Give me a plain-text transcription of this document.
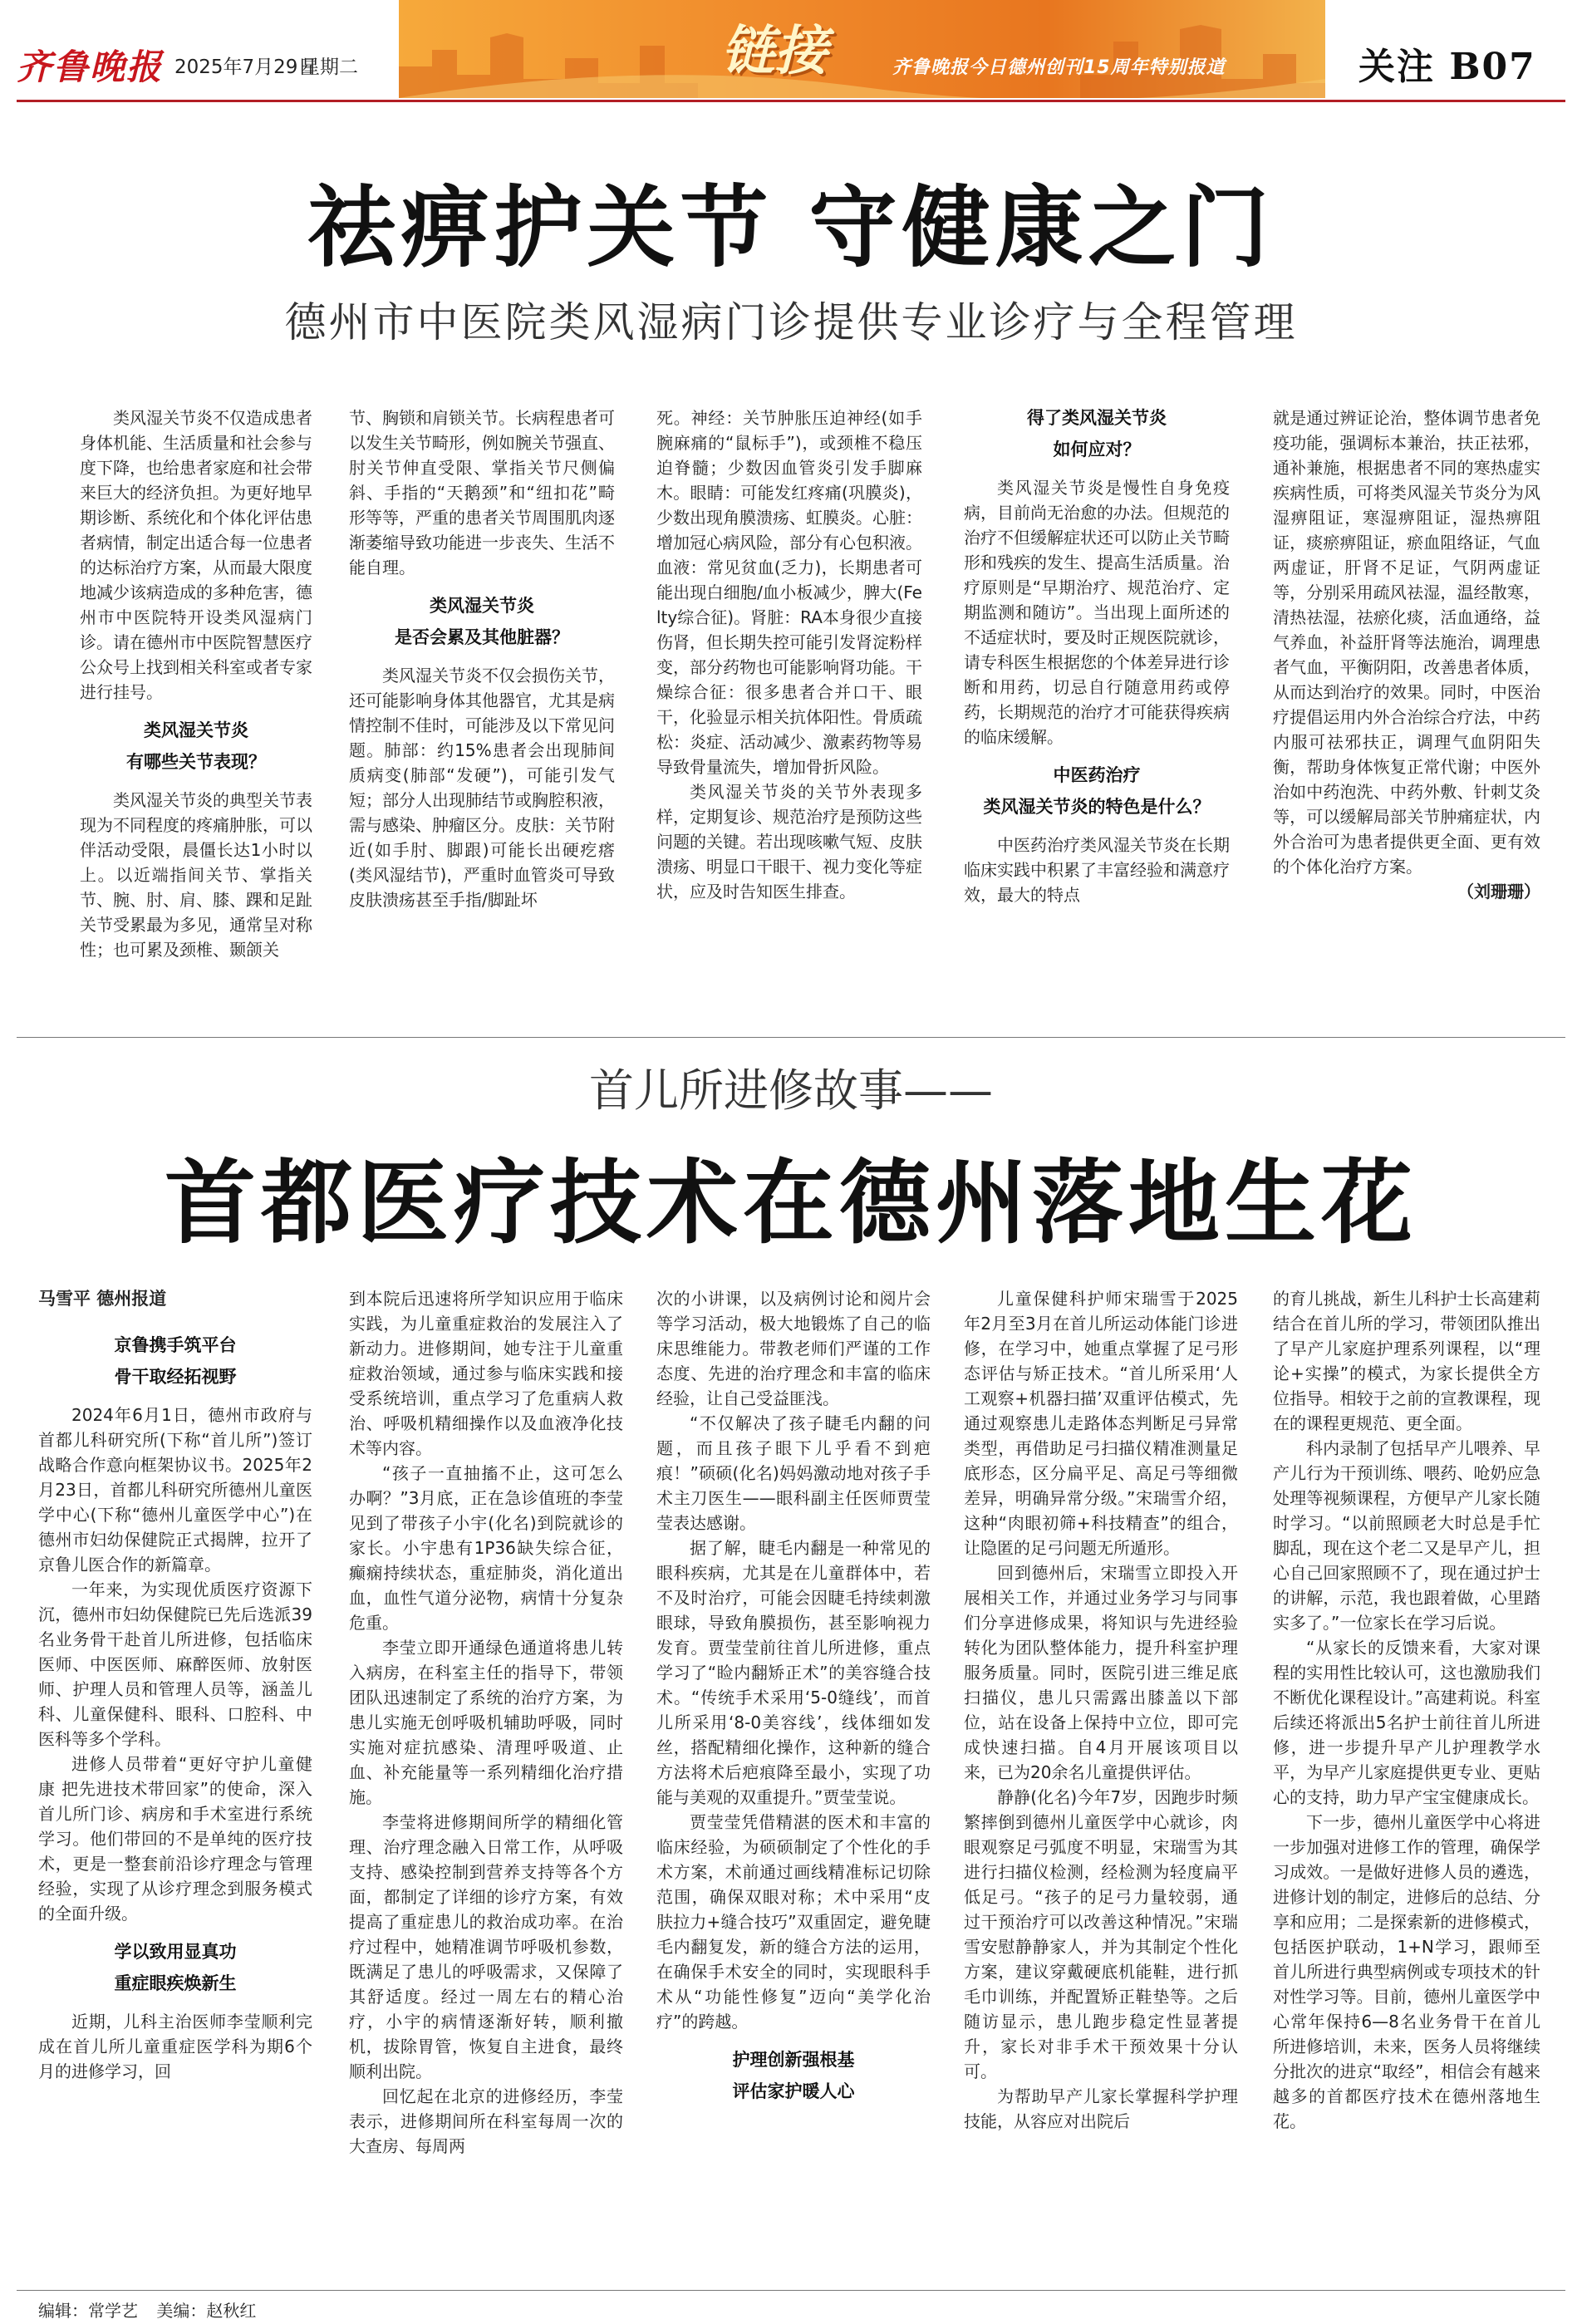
齐鲁晚报 2025年7月29日
星期二	链接	齐鲁晚报今日德州创刊15周年特别报道	关注 B07
祛痹护关节 守健康之门
德州市中医院类风湿病门诊提供专业诊疗与全程管理

类风湿关节炎不仅造成患者身体机能、生活质量和社会参与度下降，也给患者家庭和社会带来巨大的经济负担。为更好地早期诊断、系统化和个体化评估患者病情，制定出适合每一位患者的达标治疗方案，从而最大限度地减少该病造成的多种危害，德州市中医院特开设类风湿病门诊。请在德州市中医院智慧医疗公众号上找到相关科室或者专家进行挂号。

类风湿关节炎
有哪些关节表现？

类风湿关节炎的典型关节表现为不同程度的疼痛肿胀，可以伴活动受限，晨僵长达1小时以上。以近端指间关节、掌指关节、腕、肘、肩、膝、踝和足趾关节受累最为多见，通常呈对称性；也可累及颈椎、颞颌关

节、胸锁和肩锁关节。长病程患者可以发生关节畸形，例如腕关节强直、肘关节伸直受限、掌指关节尺侧偏斜、手指的“天鹅颈”和“纽扣花”畸形等等，严重的患者关节周围肌肉逐渐萎缩导致功能进一步丧失、生活不能自理。

类风湿关节炎
是否会累及其他脏器？

类风湿关节炎不仅会损伤关节，还可能影响身体其他器官，尤其是病情控制不佳时，可能涉及以下常见问题。肺部：约15%患者会出现肺间质病变(肺部“发硬”)，可能引发气短；部分人出现肺结节或胸腔积液，需与感染、肿瘤区分。皮肤：关节附近(如手肘、脚跟)可能长出硬疙瘩(类风湿结节)，严重时血管炎可导致皮肤溃疡甚至手指/脚趾坏

死。神经：关节肿胀压迫神经(如手腕麻痛的“鼠标手”)，或颈椎不稳压迫脊髓；少数因血管炎引发手脚麻木。眼睛：可能发红疼痛(巩膜炎)，少数出现角膜溃疡、虹膜炎。心脏：增加冠心病风险，部分有心包积液。血液：常见贫血(乏力)，长期患者可能出现白细胞/血小板减少，脾大(Felty综合征)。肾脏：RA本身很少直接伤肾，但长期失控可能引发肾淀粉样变，部分药物也可能影响肾功能。干燥综合征：很多患者合并口干、眼干，化验显示相关抗体阳性。骨质疏松：炎症、活动减少、激素药物等易导致骨量流失，增加骨折风险。

类风湿关节炎的关节外表现多样，定期复诊、规范治疗是预防这些问题的关键。若出现咳嗽气短、皮肤溃疡、明显口干眼干、视力变化等症状，应及时告知医生排查。

得了类风湿关节炎
如何应对？

类风湿关节炎是慢性自身免疫病，目前尚无治愈的办法。但规范的治疗不但缓解症状还可以防止关节畸形和残疾的发生、提高生活质量。治疗原则是“早期治疗、规范治疗、定期监测和随访”。当出现上面所述的不适症状时，要及时正规医院就诊，请专科医生根据您的个体差异进行诊断和用药，切忌自行随意用药或停药，长期规范的治疗才可能获得疾病的临床缓解。

中医药治疗
类风湿关节炎的特色是什么？

中医药治疗类风湿关节炎在长期临床实践中积累了丰富经验和满意疗效，最大的特点

就是通过辨证论治，整体调节患者免疫功能，强调标本兼治，扶正祛邪，通补兼施，根据患者不同的寒热虚实疾病性质，可将类风湿关节炎分为风湿痹阻证，寒湿痹阻证，湿热痹阻证，痰瘀痹阻证，瘀血阻络证，气血两虚证，肝肾不足证，气阴两虚证等，分别采用疏风祛湿，温经散寒，清热祛湿，祛瘀化痰，活血通络，益气养血，补益肝肾等法施治，调理患者气血，平衡阴阳，改善患者体质，从而达到治疗的效果。同时，中医治疗提倡运用内外合治综合疗法，中药内服可祛邪扶正，调理气血阴阳失衡，帮助身体恢复正常代谢；中医外治如中药泡洗、中药外敷、针刺艾灸等，可以缓解局部关节肿痛症状，内外合治可为患者提供更全面、更有效的个体化治疗方案。

（刘珊珊）

首儿所进修故事——
首都医疗技术在德州落地生花

马雪平 德州报道

京鲁携手筑平台
骨干取经拓视野

2024年6月1日，德州市政府与首都儿科研究所(下称“首儿所”)签订战略合作意向框架协议书。2025年2月23日，首都儿科研究所德州儿童医学中心(下称“德州儿童医学中心”)在德州市妇幼保健院正式揭牌，拉开了京鲁儿医合作的新篇章。

一年来，为实现优质医疗资源下沉，德州市妇幼保健院已先后选派39名业务骨干赴首儿所进修，包括临床医师、中医医师、麻醉医师、放射医师、护理人员和管理人员等，涵盖儿科、儿童保健科、眼科、口腔科、中医科等多个学科。

进修人员带着“更好守护儿童健康 把先进技术带回家”的使命，深入首儿所门诊、病房和手术室进行系统学习。他们带回的不是单纯的医疗技术，更是一整套前沿诊疗理念与管理经验，实现了从诊疗理念到服务模式的全面升级。

学以致用显真功
重症眼疾焕新生

近期，儿科主治医师李莹顺利完成在首儿所儿童重症医学科为期6个月的进修学习，回

到本院后迅速将所学知识应用于临床实践，为儿童重症救治的发展注入了新动力。进修期间，她专注于儿童重症救治领域，通过参与临床实践和接受系统培训，重点学习了危重病人救治、呼吸机精细操作以及血液净化技术等内容。

“孩子一直抽搐不止，这可怎么办啊？”3月底，正在急诊值班的李莹见到了带孩子小宇(化名)到院就诊的家长。小宇患有1P36缺失综合征，癫痫持续状态，重症肺炎，消化道出血，血性气道分泌物，病情十分复杂危重。

李莹立即开通绿色通道将患儿转入病房，在科室主任的指导下，带领团队迅速制定了系统的治疗方案，为患儿实施无创呼吸机辅助呼吸，同时实施对症抗感染、清理呼吸道、止血、补充能量等一系列精细化治疗措施。

李莹将进修期间所学的精细化管理、治疗理念融入日常工作，从呼吸支持、感染控制到营养支持等各个方面，都制定了详细的诊疗方案，有效提高了重症患儿的救治成功率。在治疗过程中，她精准调节呼吸机参数，既满足了患儿的呼吸需求，又保障了其舒适度。经过一周左右的精心治疗，小宇的病情逐渐好转，顺利撤机，拔除胃管，恢复自主进食，最终顺利出院。

回忆起在北京的进修经历，李莹表示，进修期间所在科室每周一次的大查房、每周两

次的小讲课，以及病例讨论和阅片会等学习活动，极大地锻炼了自己的临床思维能力。带教老师们严谨的工作态度、先进的治疗理念和丰富的临床经验，让自己受益匪浅。

“不仅解决了孩子睫毛内翻的问题，而且孩子眼下儿乎看不到疤痕！”硕硕(化名)妈妈激动地对孩子手术主刀医生——眼科副主任医师贾莹莹表达感谢。

据了解，睫毛内翻是一种常见的眼科疾病，尤其是在儿童群体中，若不及时治疗，可能会因睫毛持续刺激眼球，导致角膜损伤，甚至影响视力发育。贾莹莹前往首儿所进修，重点学习了“睑内翻矫正术”的美容缝合技术。“传统手术采用‘5-0缝线’，而首儿所采用‘8-0美容线’，线体细如发丝，搭配精细化操作，这种新的缝合方法将术后疤痕降至最小，实现了功能与美观的双重提升。”贾莹莹说。

贾莹莹凭借精湛的医术和丰富的临床经验，为硕硕制定了个性化的手术方案，术前通过画线精准标记切除范围，确保双眼对称；术中采用“皮肤拉力+缝合技巧”双重固定，避免睫毛内翻复发，新的缝合方法的运用，在确保手术安全的同时，实现眼科手术从“功能性修复”迈向“美学化治疗”的跨越。

护理创新强根基
评估家护暖人心

儿童保健科护师宋瑞雪于2025年2月至3月在首儿所运动体能门诊进修，在学习中，她重点掌握了足弓形态评估与矫正技术。“首儿所采用‘人工观察+机器扫描’双重评估模式，先通过观察患儿走路体态判断足弓异常类型，再借助足弓扫描仪精准测量足底形态，区分扁平足、高足弓等细微差异，明确异常分级。”宋瑞雪介绍，这种“肉眼初筛+科技精查”的组合，让隐匿的足弓问题无所遁形。

回到德州后，宋瑞雪立即投入开展相关工作，并通过业务学习与同事们分享进修成果，将知识与先进经验转化为团队整体能力，提升科室护理服务质量。同时，医院引进三维足底扫描仪，患儿只需露出膝盖以下部位，站在设备上保持中立位，即可完成快速扫描。自4月开展该项目以来，已为20余名儿童提供评估。

静静(化名)今年7岁，因跑步时频繁摔倒到德州儿童医学中心就诊，肉眼观察足弓弧度不明显，宋瑞雪为其进行扫描仪检测，经检测为轻度扁平低足弓。“孩子的足弓力量较弱，通过干预治疗可以改善这种情况。”宋瑞雪安慰静静家人，并为其制定个性化方案，建议穿戴硬底机能鞋，进行抓毛巾训练，并配置矫正鞋垫等。之后随访显示，患儿跑步稳定性显著提升，家长对非手术干预效果十分认可。

为帮助早产儿家长掌握科学护理技能，从容应对出院后

的育儿挑战，新生儿科护士长高建莉结合在首儿所的学习，带领团队推出了早产儿家庭护理系列课程，以“理论+实操”的模式，为家长提供全方位指导。相较于之前的宣教课程，现在的课程更规范、更全面。

科内录制了包括早产儿喂养、早产儿行为干预训练、喂药、呛奶应急处理等视频课程，方便早产儿家长随时学习。“以前照顾老大时总是手忙脚乱，现在这个老二又是早产儿，担心自己回家照顾不了，现在通过护士的讲解，示范，我也跟着做，心里踏实多了。”一位家长在学习后说。

“从家长的反馈来看，大家对课程的实用性比较认可，这也激励我们不断优化课程设计。”高建莉说。科室后续还将派出5名护士前往首儿所进修，进一步提升早产儿护理教学水平，为早产儿家庭提供更专业、更贴心的支持，助力早产宝宝健康成长。

下一步，德州儿童医学中心将进一步加强对进修工作的管理，确保学习成效。一是做好进修人员的遴选，进修计划的制定，进修后的总结、分享和应用；二是探索新的进修模式，包括医护联动，1+N学习，跟师至首儿所进行典型病例或专项技术的针对性学习等。目前，德州儿童医学中心常年保持6—8名业务骨干在首儿所进修培训，未来，医务人员将继续分批次的进京“取经”，相信会有越来越多的首都医疗技术在德州落地生花。

编辑：常学艺 美编：赵秋红
